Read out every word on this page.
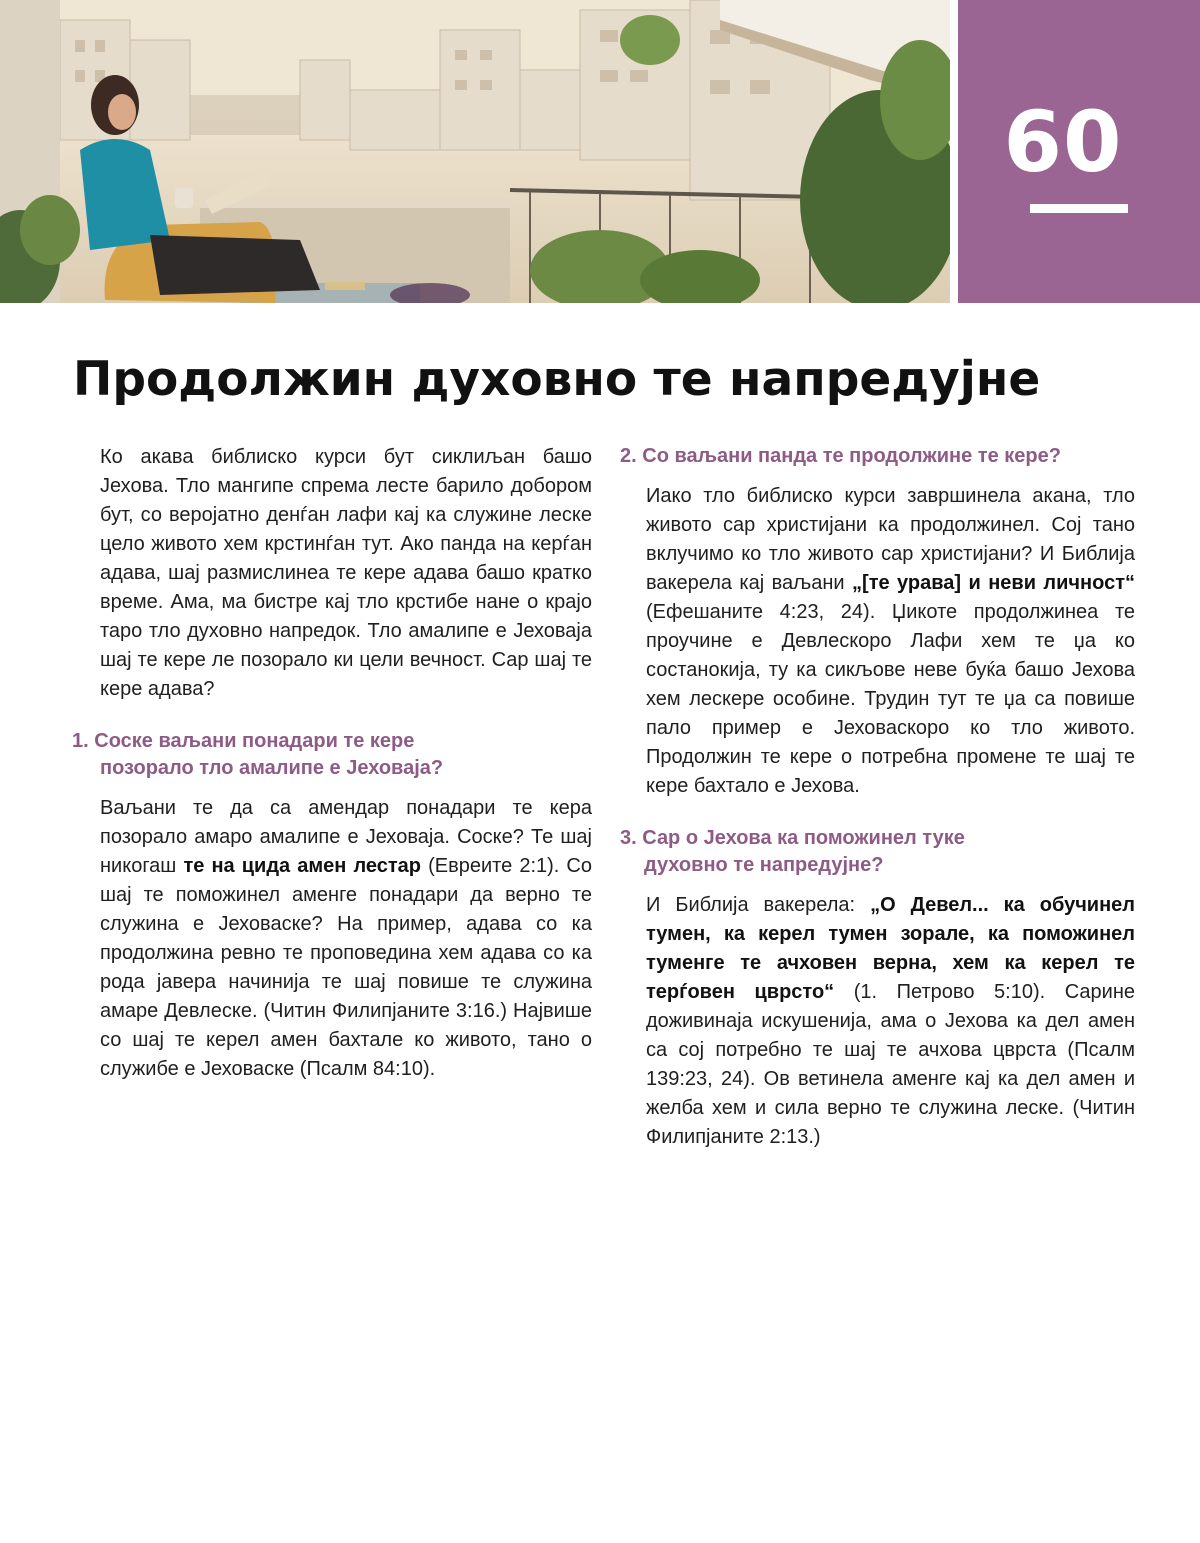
60
Продолжин духовно те напредујне

Ко акава библиско курси бут сиклиљан башо Јехова. Тло мангипе спрема лесте барило добором бут, со веројатно денѓан лафи кај ка служине леске цело живото хем крстинѓан тут. Ако панда на керѓан адава, шај размислинеа те кере адава башо кратко време. Ама, ма бистре кај тло крстибе нане о крајо таро тло духовно напредок. Тло амалипе е Јеховаја шај те кере ле позорало ки цели вечност. Сар шај те кере адава?

1. Соске ваљани понадари те кере
позорало тло амалипе е Јеховаја?

Ваљани те да са амендар понадари те кера позорало амаро амалипе е Јеховаја. Соске? Те шај никогаш те на цида амен лестар (Евреите 2:1). Со шај те поможинел аменге понадари да верно те служина е Јеховаске? На пример, адава со ка продолжина ревно те проповедина хем адава со ка рода јавера начинија те шај повише те служина амаре Девлеске. (Читин Филипјаните 3:16.) Највише со шај те керел амен бахтале ко живото, тано о служибе е Јеховаске (Псалм 84:10).

2. Со ваљани панда те продолжине те кере?

Иако тло библиско курси завршинела акана, тло живото сар христијани ка продолжинел. Сој тано вклучимо ко тло живото сар христијани? И Библија вакерела кај ваљани „[те урава] и неви личност“ (Ефешаните 4:23, 24). Џикоте продолжинеа те проучине е Девлескоро Лафи хем те џа ко состанокија, ту ка сикљове неве буќа башо Јехова хем лескере особине. Трудин тут те џа са повише пало пример е Јеховаскоро ко тло живото. Продолжин те кере о потребна промене те шај те кере бахтало е Јехова.

3. Сар о Јехова ка поможинел туке
духовно те напредујне?

И Библија вакерела: „О Девел... ка обучинел тумен, ка керел тумен зорале, ка поможинел туменге те ачховен верна, хем ка керел те терѓовен цврсто“ (1. Петрово 5:10). Сарине доживинаја искушенија, ама о Јехова ка дел амен са сој потребно те шај те ачхова цврста (Псалм 139:23, 24). Ов ветинела аменге кај ка дел амен и желба хем и сила верно те служина леске. (Читин Филипјаните 2:13.)
